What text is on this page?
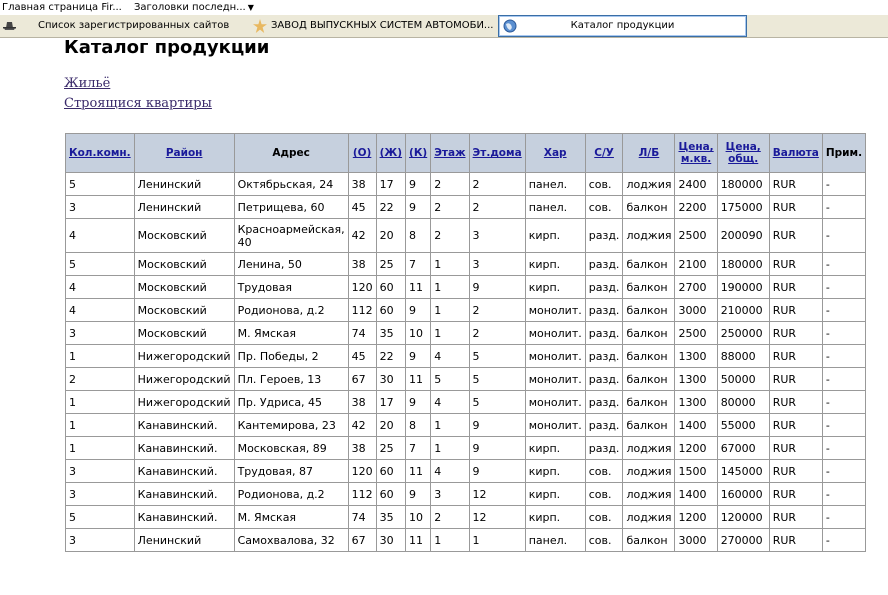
Главная страница Fir... Заголовки последн... ▼
Список зарегистрированных сайтов	ЗАВОД ВЫПУСКНЫХ СИСТЕМ АВТОМОБИ...	Каталог продукции
Каталог продукции
Жильё
Строящися квартиры
Кол.комн.	Район	Адрес	(О)	(Ж)	(К)	Этаж	Эт.дома	Хар	С/У	Л/Б	Цена, м.кв.	Цена, общ.	Валюта	Прим.
5	Ленинский	Октябрьская, 24	38	17	9	2	2	панел.	сов.	лоджия	2400	180000	RUR	-
3	Ленинский	Петрищева, 60	45	22	9	2	2	панел.	сов.	балкон	2200	175000	RUR	-
4	Московский	Красноармейская, 40	42	20	8	2	3	кирп.	разд.	лоджия	2500	200090	RUR	-
5	Московский	Ленина, 50	38	25	7	1	3	кирп.	разд.	балкон	2100	180000	RUR	-
4	Московский	Трудовая	120	60	11	1	9	кирп.	разд.	балкон	2700	190000	RUR	-
4	Московский	Родионова, д.2	112	60	9	1	2	монолит.	разд.	балкон	3000	210000	RUR	-
3	Московский	М. Ямская	74	35	10	1	2	монолит.	разд.	балкон	2500	250000	RUR	-
1	Нижегородский	Пр. Победы, 2	45	22	9	4	5	монолит.	разд.	балкон	1300	88000	RUR	-
2	Нижегородский	Пл. Героев, 13	67	30	11	5	5	монолит.	разд.	балкон	1300	50000	RUR	-
1	Нижегородский	Пр. Удриса, 45	38	17	9	4	5	монолит.	разд.	балкон	1300	80000	RUR	-
1	Канавинский.	Кантемирова, 23	42	20	8	1	9	монолит.	разд.	балкон	1400	55000	RUR	-
1	Канавинский.	Московская, 89	38	25	7	1	9	кирп.	разд.	лоджия	1200	67000	RUR	-
3	Канавинский.	Трудовая, 87	120	60	11	4	9	кирп.	сов.	лоджия	1500	145000	RUR	-
3	Канавинский.	Родионова, д.2	112	60	9	3	12	кирп.	сов.	лоджия	1400	160000	RUR	-
5	Канавинский.	М. Ямская	74	35	10	2	12	кирп.	сов.	лоджия	1200	120000	RUR	-
3	Ленинский	Самохвалова, 32	67	30	11	1	1	панел.	сов.	балкон	3000	270000	RUR	-
